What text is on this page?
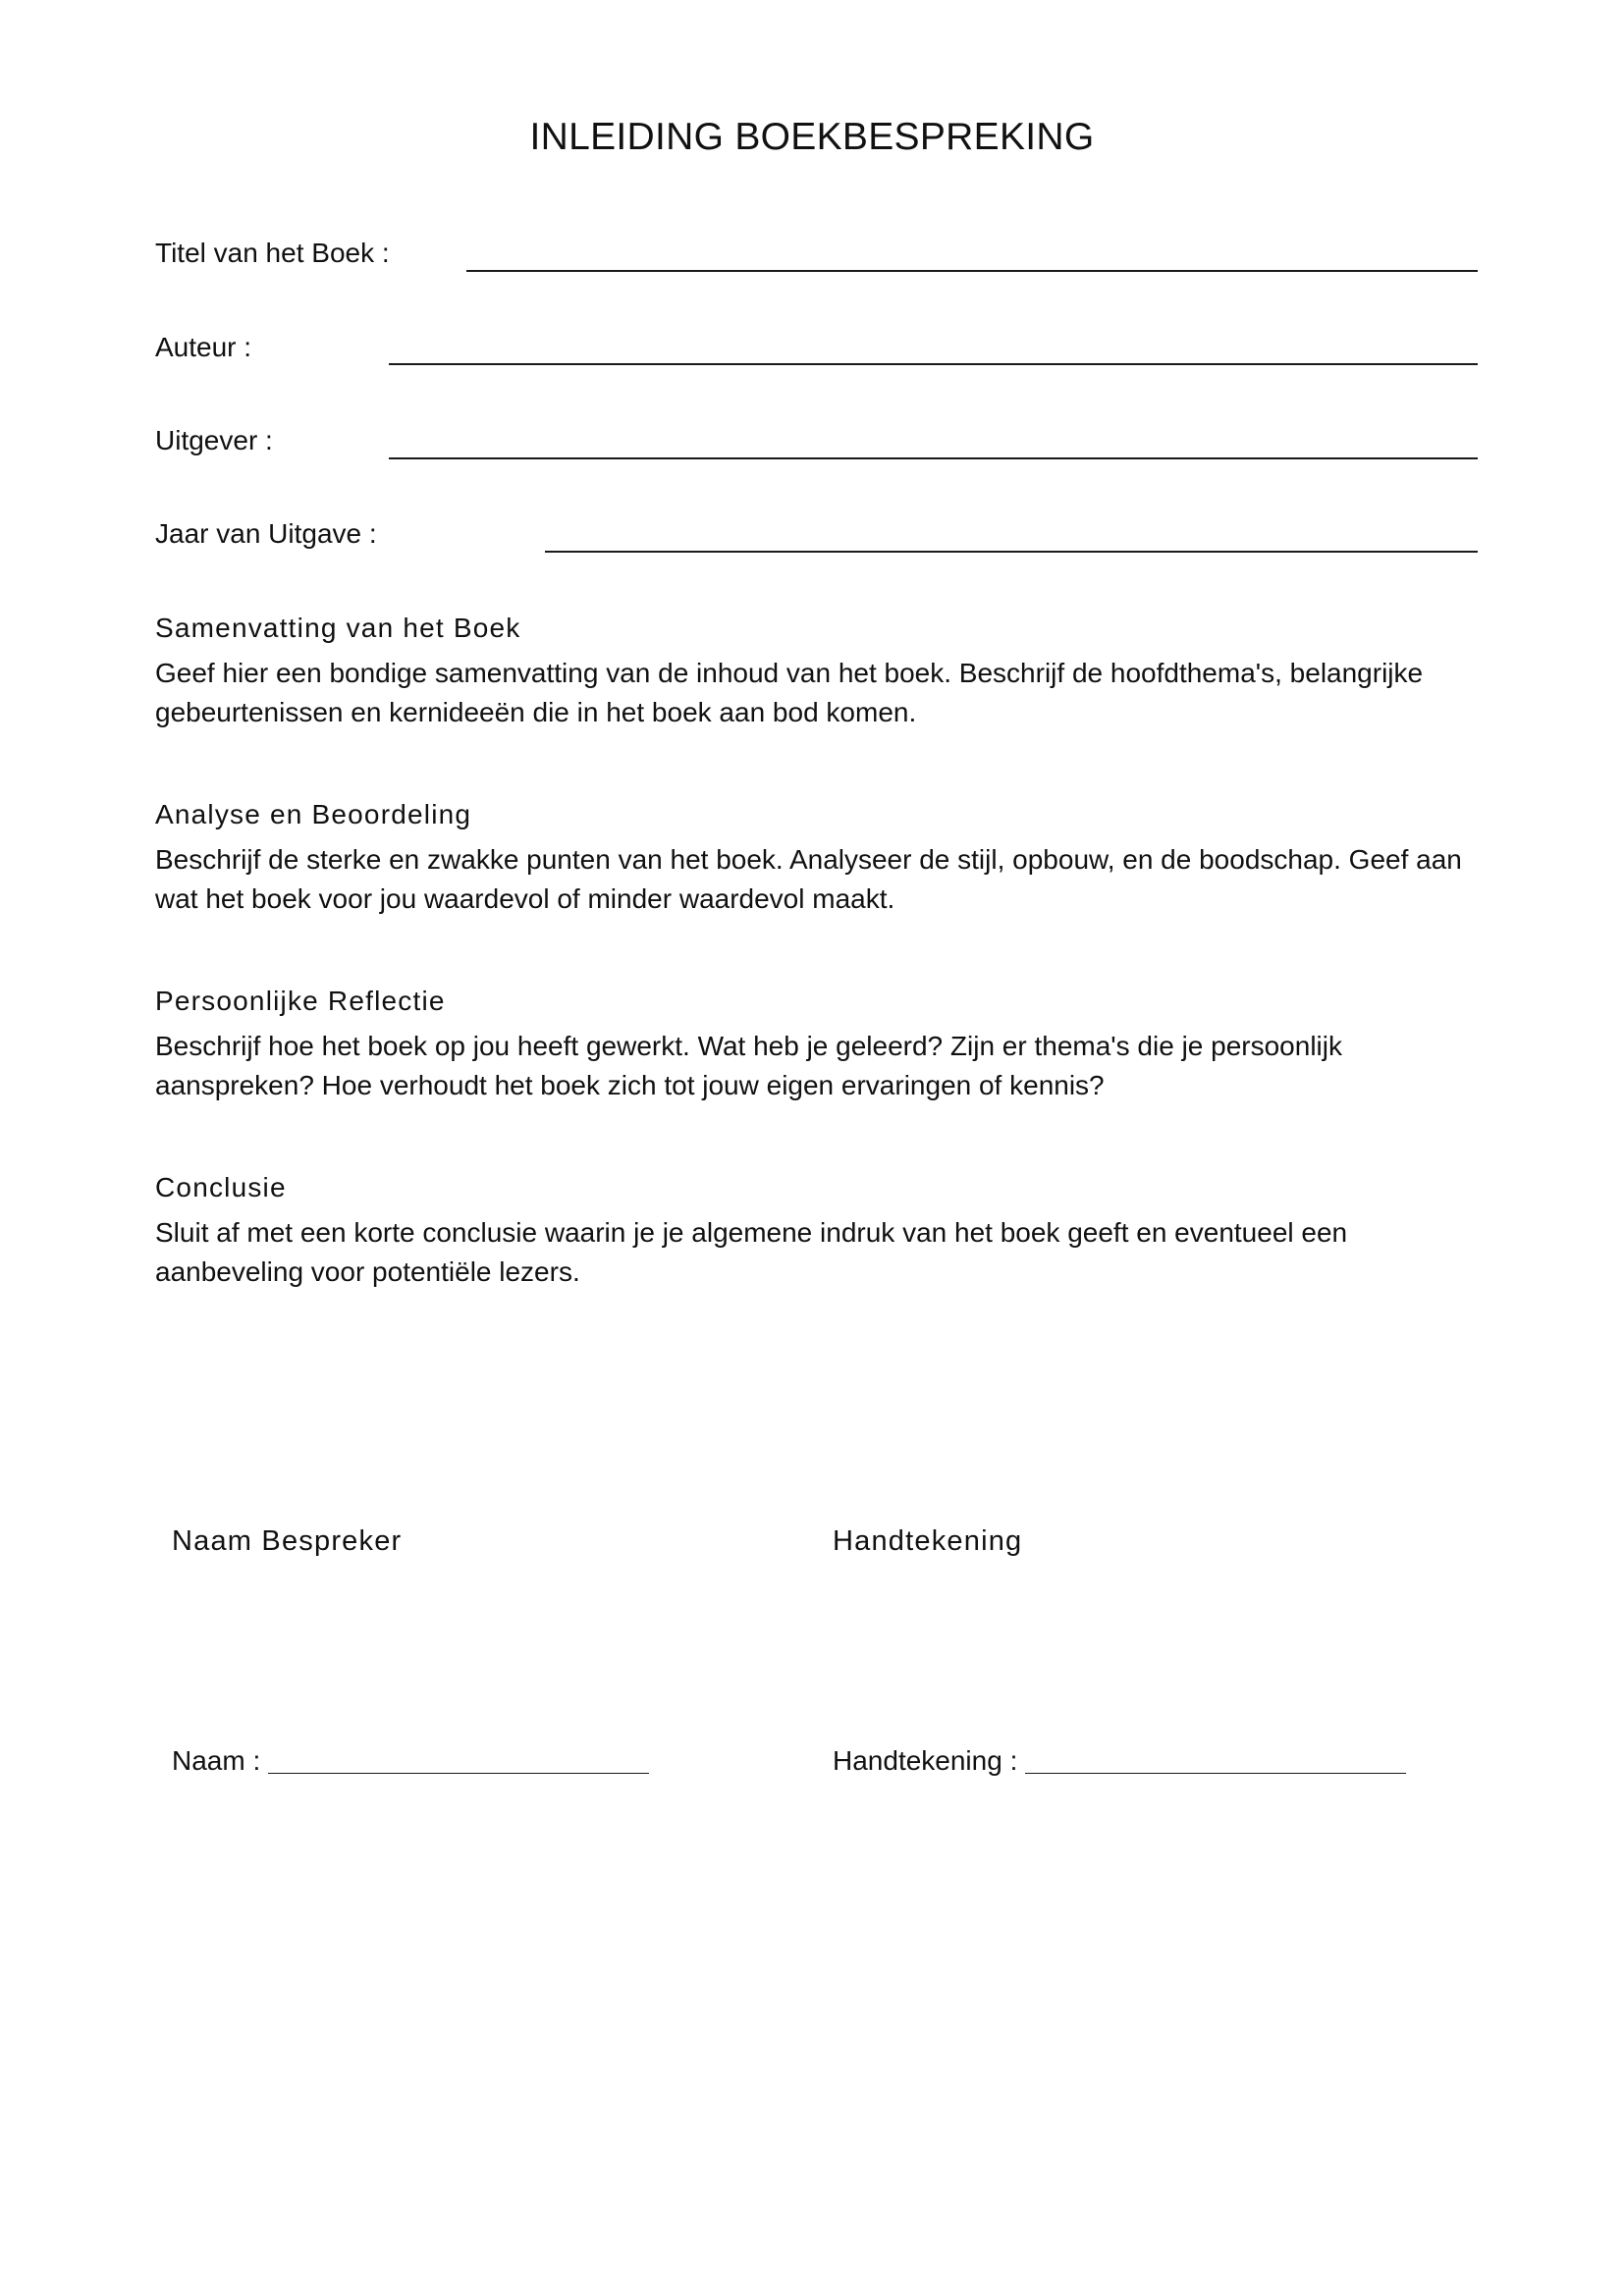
INLEIDING BOEKBESPREKING
Titel van het Boek :
Auteur :
Uitgever :
Jaar van Uitgave :
Samenvatting van het Boek
Geef hier een bondige samenvatting van de inhoud van het boek. Beschrijf de hoofdthema's, belangrijke
gebeurtenissen en kernideeën die in het boek aan bod komen.
Analyse en Beoordeling
Beschrijf de sterke en zwakke punten van het boek. Analyseer de stijl, opbouw, en de boodschap. Geef aan
wat het boek voor jou waardevol of minder waardevol maakt.
Persoonlijke Reflectie
Beschrijf hoe het boek op jou heeft gewerkt. Wat heb je geleerd? Zijn er thema's die je persoonlijk
aanspreken? Hoe verhoudt het boek zich tot jouw eigen ervaringen of kennis?
Conclusie
Sluit af met een korte conclusie waarin je je algemene indruk van het boek geeft en eventueel een
aanbeveling voor potentiële lezers.
Naam Bespreker	Handtekening
Naam :	Handtekening :
